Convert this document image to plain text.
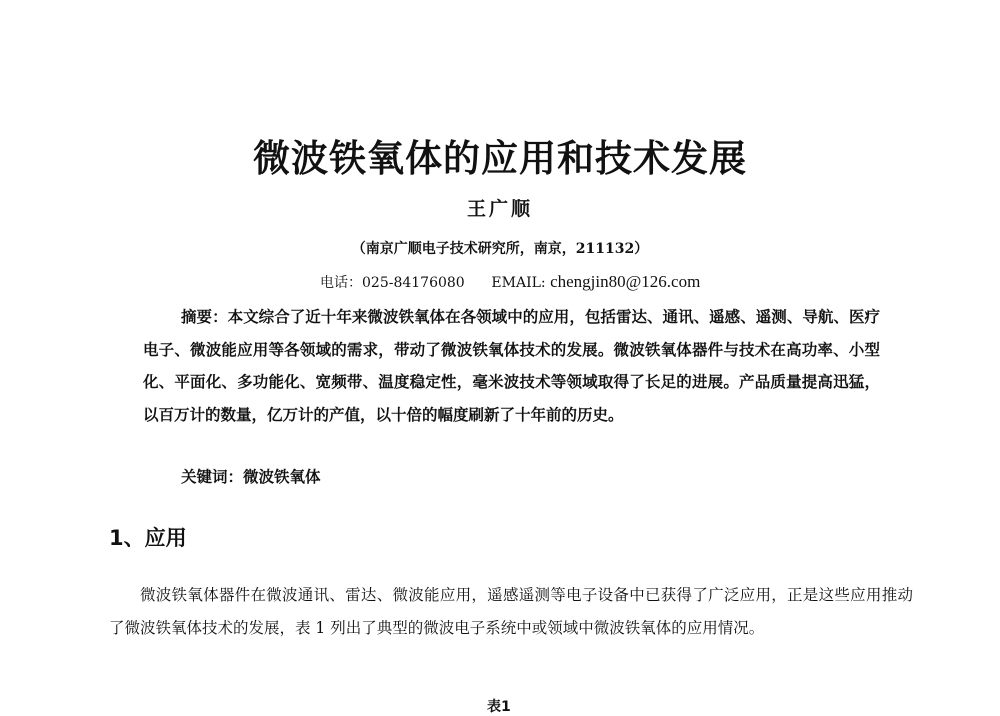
微波铁氧体的应用和技术发展
王广顺
（南京广顺电子技术研究所，南京，211132）
电话：025-84176080 EMAIL: chengjin80@126.com

摘要：本文综合了近十年来微波铁氧体在各领域中的应用，包括雷达、通讯、遥感、遥测、导航、医疗电子、微波能应用等各领域的需求，带动了微波铁氧体技术的发展。微波铁氧体器件与技术在高功率、小型化、平面化、多功能化、宽频带、温度稳定性，毫米波技术等领域取得了长足的进展。产品质量提高迅猛，以百万计的数量，亿万计的产值，以十倍的幅度刷新了十年前的历史。

关键词：微波铁氧体
1、应用

微波铁氧体器件在微波通讯、雷达、微波能应用，遥感遥测等电子设备中已获得了广泛应用，正是这些应用推动了微波铁氧体技术的发展，表 1 列出了典型的微波电子系统中或领域中微波铁氧体的应用情况。

表1
